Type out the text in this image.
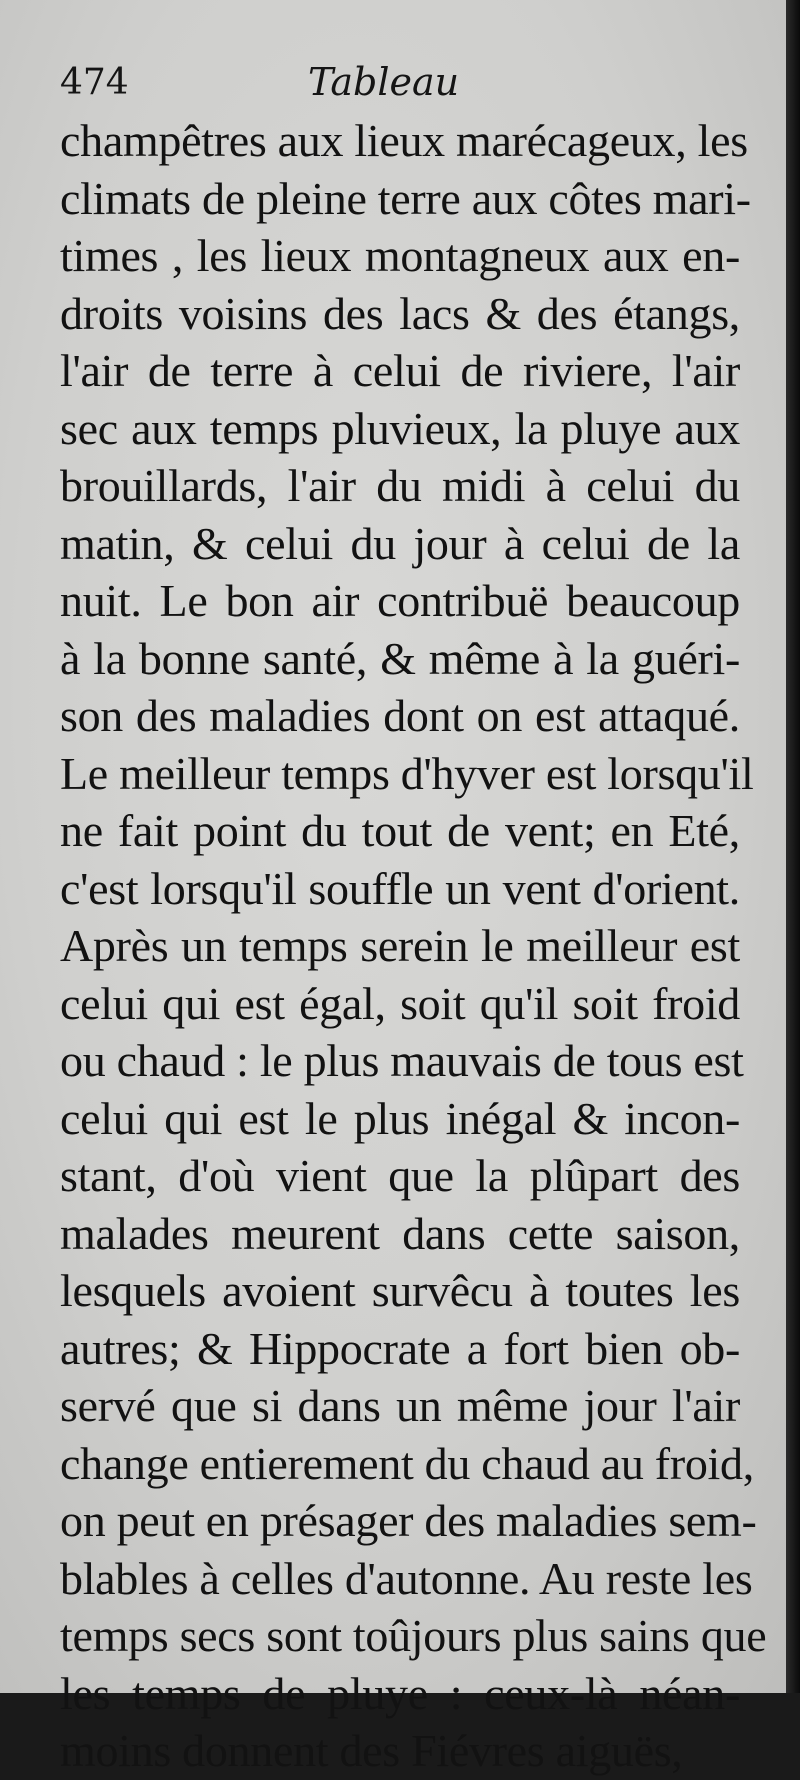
474	Tableau
champêtres aux lieux marécageux, les
climats de pleine terre aux côtes mari-
times , les lieux montagneux aux en-
droits voisins des lacs & des étangs,
l'air de terre à celui de riviere, l'air
sec aux temps pluvieux, la pluye aux
brouillards, l'air du midi à celui du
matin, & celui du jour à celui de la
nuit. Le bon air contribuë beaucoup
à la bonne santé, & même à la guéri-
son des maladies dont on est attaqué.
Le meilleur temps d'hyver est lorsqu'il
ne fait point du tout de vent; en Eté,
c'est lorsqu'il souffle un vent d'orient.
Après un temps serein le meilleur est
celui qui est égal, soit qu'il soit froid
ou chaud : le plus mauvais de tous est
celui qui est le plus inégal & incon-
stant, d'où vient que la plûpart des
malades meurent dans cette saison,
lesquels avoient survêcu à toutes les
autres; & Hippocrate a fort bien ob-
servé que si dans un même jour l'air
change entierement du chaud au froid,
on peut en présager des maladies sem-
blables à celles d'autonne. Au reste les
temps secs sont toûjours plus sains que
les temps de pluye : ceux-là néan-
moins donnent des Fiévres aiguës,
